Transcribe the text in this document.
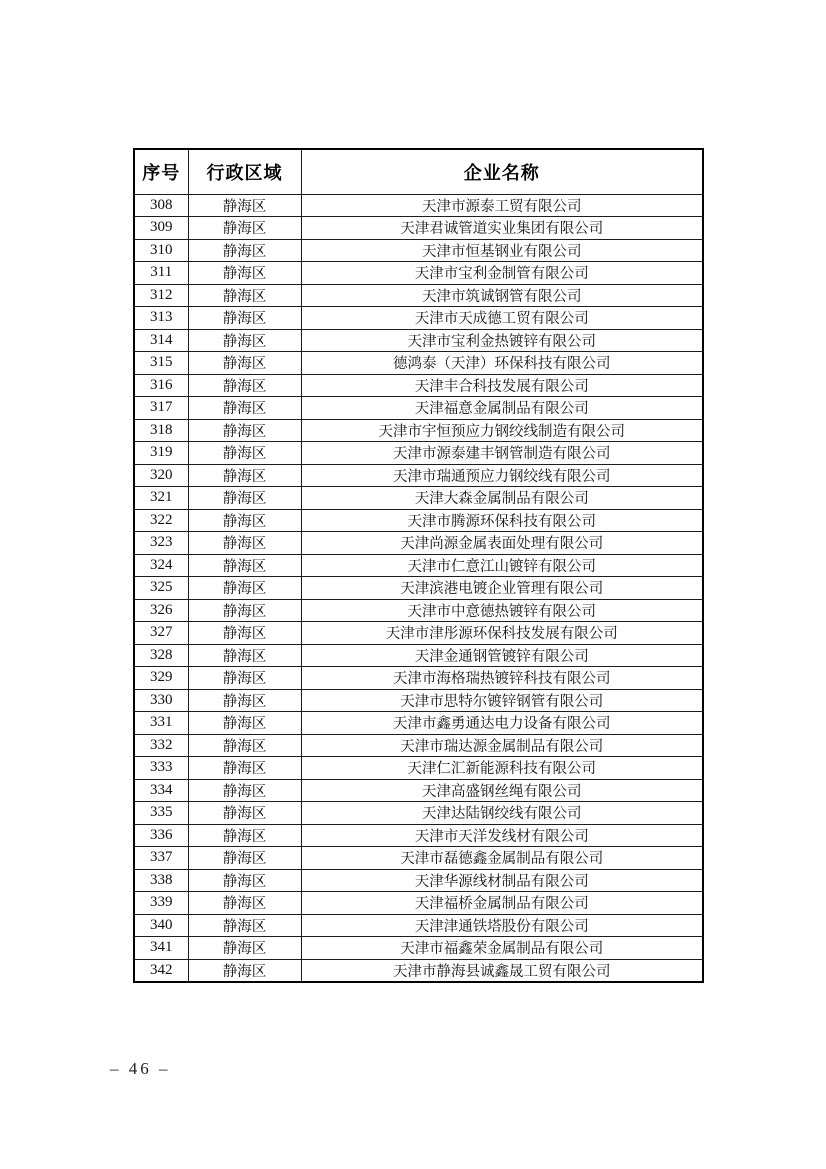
序号	行政区域	企业名称
308	静海区	天津市源泰工贸有限公司
309	静海区	天津君诚管道实业集团有限公司
310	静海区	天津市恒基钢业有限公司
311	静海区	天津市宝利金制管有限公司
312	静海区	天津市筑诚钢管有限公司
313	静海区	天津市天成德工贸有限公司
314	静海区	天津市宝利金热镀锌有限公司
315	静海区	德鸿泰（天津）环保科技有限公司
316	静海区	天津丰合科技发展有限公司
317	静海区	天津福意金属制品有限公司
318	静海区	天津市宇恒预应力钢绞线制造有限公司
319	静海区	天津市源泰建丰钢管制造有限公司
320	静海区	天津市瑞通预应力钢绞线有限公司
321	静海区	天津大森金属制品有限公司
322	静海区	天津市腾源环保科技有限公司
323	静海区	天津尚源金属表面处理有限公司
324	静海区	天津市仁意江山镀锌有限公司
325	静海区	天津滨港电镀企业管理有限公司
326	静海区	天津市中意德热镀锌有限公司
327	静海区	天津市津彤源环保科技发展有限公司
328	静海区	天津金通钢管镀锌有限公司
329	静海区	天津市海格瑞热镀锌科技有限公司
330	静海区	天津市思特尔镀锌钢管有限公司
331	静海区	天津市鑫勇通达电力设备有限公司
332	静海区	天津市瑞达源金属制品有限公司
333	静海区	天津仁汇新能源科技有限公司
334	静海区	天津高盛钢丝绳有限公司
335	静海区	天津达陆钢绞线有限公司
336	静海区	天津市天洋发线材有限公司
337	静海区	天津市磊德鑫金属制品有限公司
338	静海区	天津华源线材制品有限公司
339	静海区	天津福桥金属制品有限公司
340	静海区	天津津通铁塔股份有限公司
341	静海区	天津市福鑫荣金属制品有限公司
342	静海区	天津市静海县诚鑫晟工贸有限公司
– 46 –
